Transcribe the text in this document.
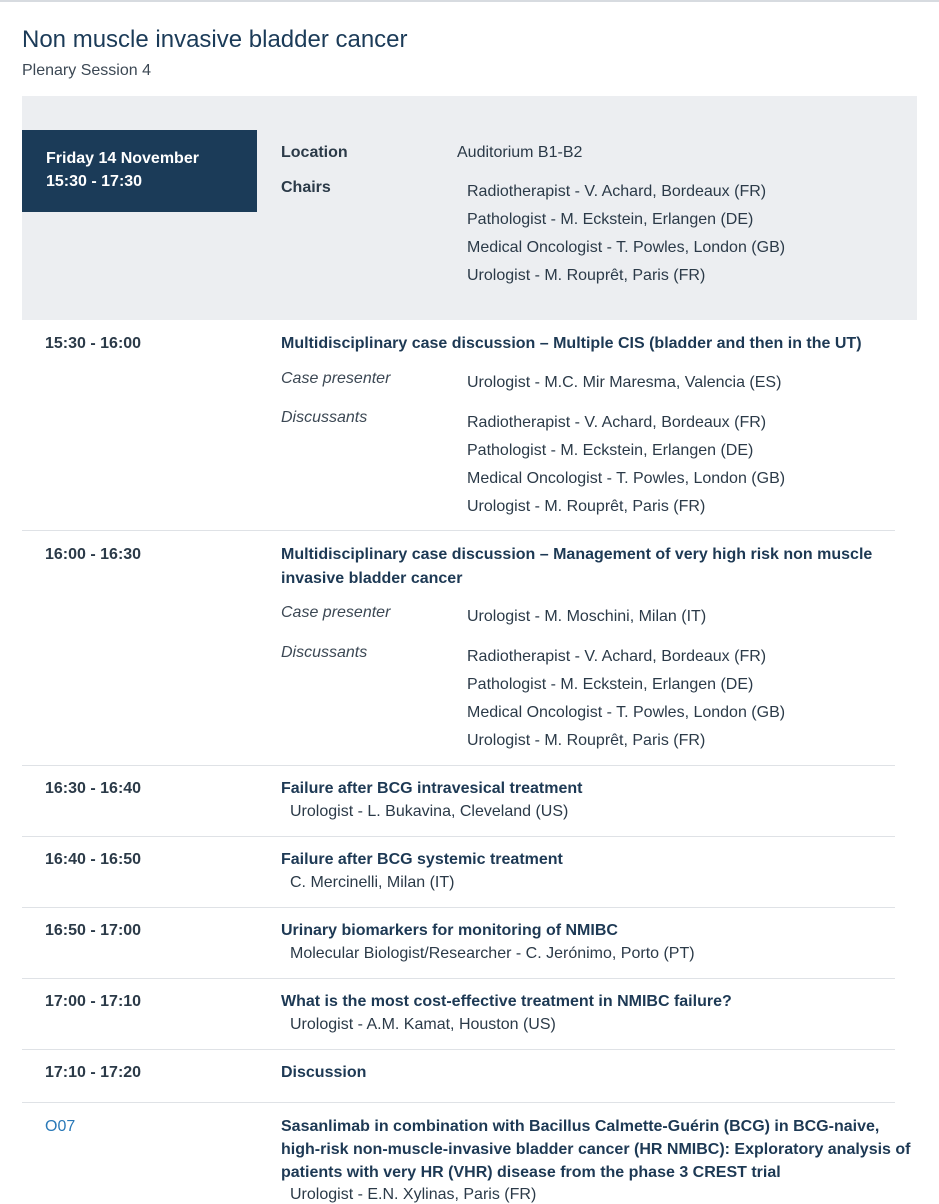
Non muscle invasive bladder cancer
Plenary Session 4
Friday 14 November
15:30 - 17:30
Location	Auditorium B1-B2
Chairs	Radiotherapist - V. Achard, Bordeaux (FR)
Pathologist - M. Eckstein, Erlangen (DE)
Medical Oncologist - T. Powles, London (GB)
Urologist - M. Rouprêt, Paris (FR)
15:30 - 16:00	Multidisciplinary case discussion – Multiple CIS (bladder and then in the UT)
Case presenter	Urologist - M.C. Mir Maresma, Valencia (ES)
Discussants	Radiotherapist - V. Achard, Bordeaux (FR)
Pathologist - M. Eckstein, Erlangen (DE)
Medical Oncologist - T. Powles, London (GB)
Urologist - M. Rouprêt, Paris (FR)
16:00 - 16:30	Multidisciplinary case discussion – Management of very high risk non muscle
invasive bladder cancer
Case presenter	Urologist - M. Moschini, Milan (IT)
Discussants	Radiotherapist - V. Achard, Bordeaux (FR)
Pathologist - M. Eckstein, Erlangen (DE)
Medical Oncologist - T. Powles, London (GB)
Urologist - M. Rouprêt, Paris (FR)
16:30 - 16:40	Failure after BCG intravesical treatment
Urologist - L. Bukavina, Cleveland (US)
16:40 - 16:50	Failure after BCG systemic treatment
C. Mercinelli, Milan (IT)
16:50 - 17:00	Urinary biomarkers for monitoring of NMIBC
Molecular Biologist/Researcher - C. Jerónimo, Porto (PT)
17:00 - 17:10	What is the most cost-effective treatment in NMIBC failure?
Urologist - A.M. Kamat, Houston (US)
17:10 - 17:20	Discussion
O07	Sasanlimab in combination with Bacillus Calmette-Guérin (BCG) in BCG-naive,
high-risk non-muscle-invasive bladder cancer (HR NMIBC): Exploratory analysis of
patients with very HR (VHR) disease from the phase 3 CREST trial
Urologist - E.N. Xylinas, Paris (FR)
